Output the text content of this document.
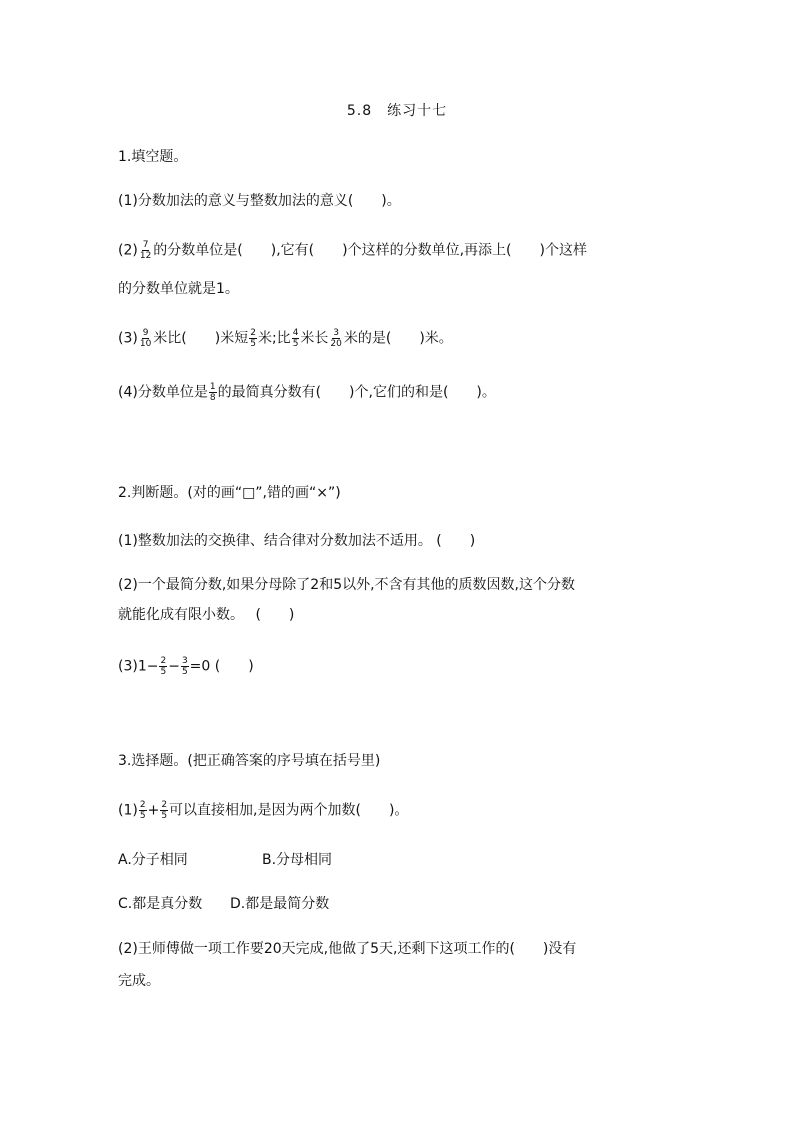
5.8　练习十七
1.填空题。
(1)分数加法的意义与整数加法的意义(　　)。
$(2) \frac{7}{12}$ 的分数单位是(　　),它有(　　)个这样的分数单位,再添上(　　)个这样
的分数单位就是1。
$(3) \frac{9}{10}$ 米比(　　)米短 $\frac{2}{5}$ 米;比 $\frac{4}{5}$ 米长 $\frac{3}{20}$ 米的是(　　)米。
(4)分数单位是 $\frac{1}{8}$ 的最简真分数有(　　)个,它们的和是(　　)。
2.判断题。(对的画“□”,错的画“×”)
(1)整数加法的交换律、结合律对分数加法不适用。 (　　)
(2)一个最简分数,如果分母除了2和5以外,不含有其他的质数因数,这个分数
就能化成有限小数。　 (　　)
$(3)1- \frac{2}{5} - \frac{3}{5} =0$ (　　)
3.选择题。(把正确答案的序号填在括号里)
$(1) \frac{2}{5} + \frac{2}{5}$ 可以直接相加,是因为两个加数(　　)。
A.分子相同	B.分母相同
C.都是真分数 D.都是最简分数
(2)王师傅做一项工作要20天完成,他做了5天,还剩下这项工作的(　　)没有
完成。
